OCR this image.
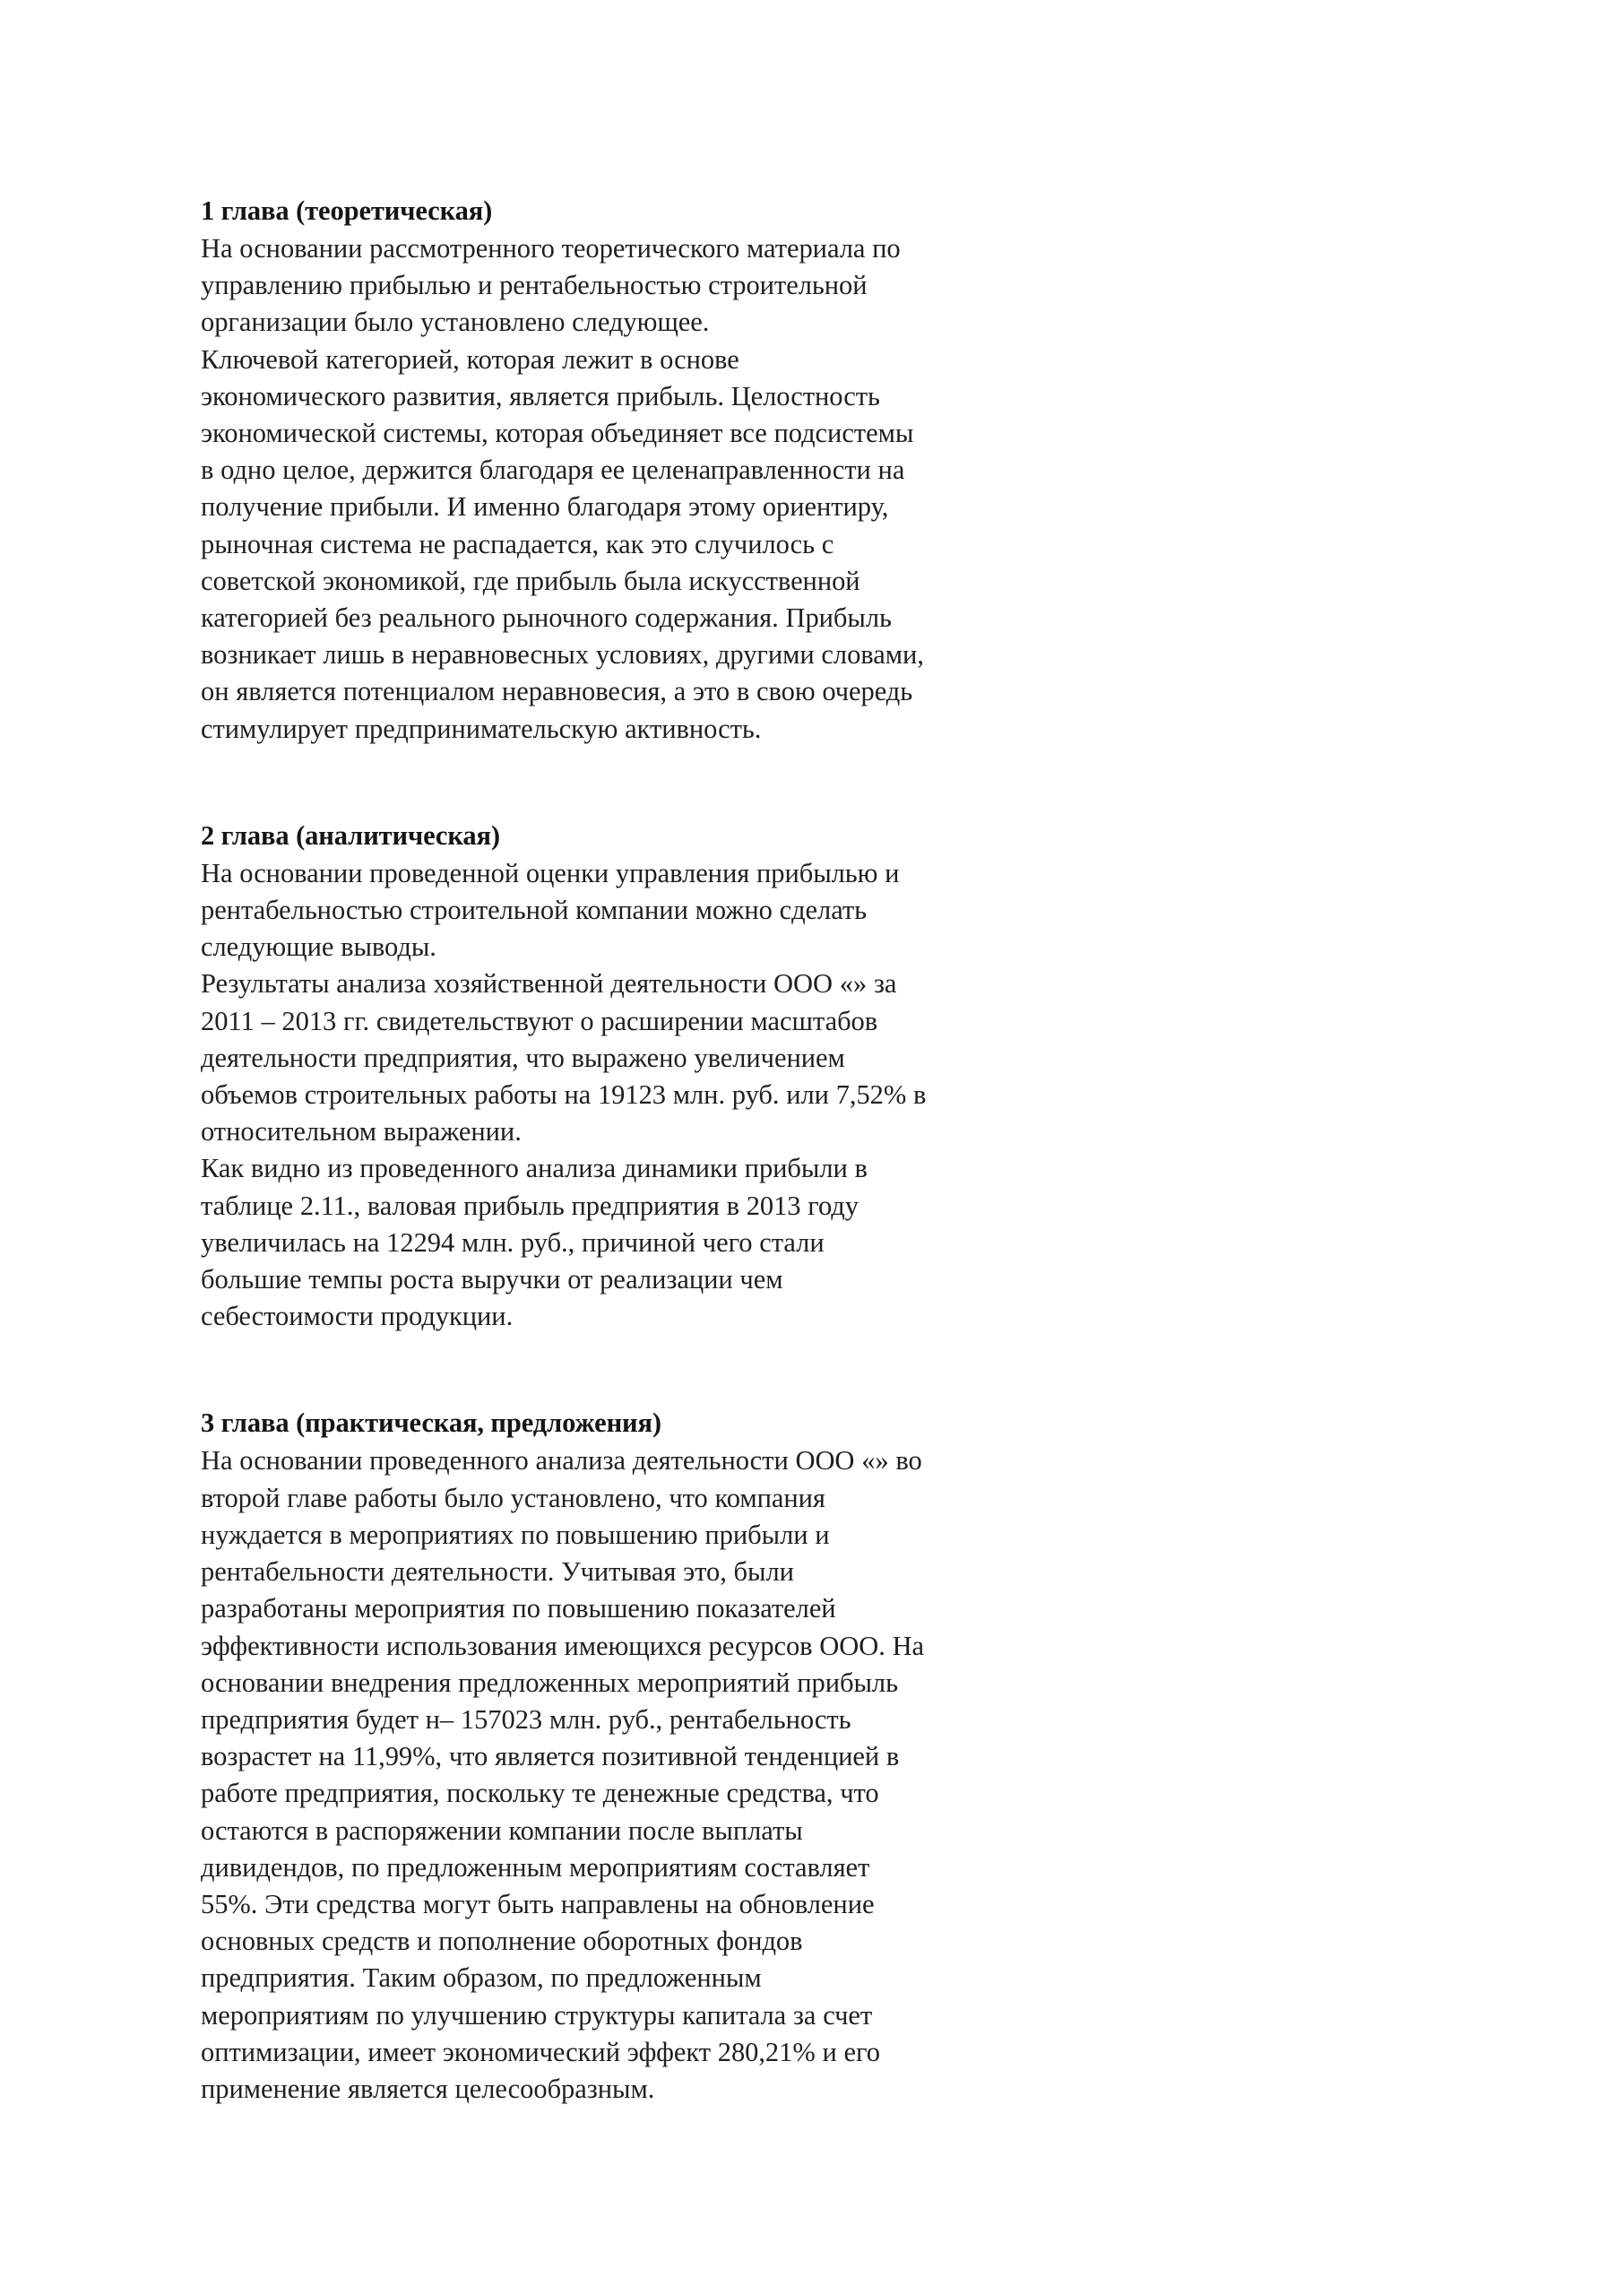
1 глава (теоретическая)

На основании рассмотренного теоретического материала по управлению прибылью и рентабельностью строительной организации было установлено следующее.

Ключевой категорией, которая лежит в основе экономического развития, является прибыль. Целостность экономической системы, которая объединяет все подсистемы в одно целое, держится благодаря ее целенаправленности на получение прибыли. И именно благодаря этому ориентиру, рыночная система не распадается, как это случилось с советской экономикой, где прибыль была искусственной категорией без реального рыночного содержания. Прибыль возникает лишь в неравновесных условиях, другими словами, он является потенциалом неравновесия, а это в свою очередь стимулирует предпринимательскую активность.

2 глава (аналитическая)

На основании проведенной оценки управления прибылью и рентабельностью строительной компании можно сделать следующие выводы.

Результаты анализа хозяйственной деятельности ООО «» за 2011 – 2013 гг. свидетельствуют о расширении масштабов деятельности предприятия, что выражено увеличением объемов строительных работы на 19123 млн. руб. или 7,52% в относительном выражении.

Как видно из проведенного анализа динамики прибыли в таблице 2.11., валовая прибыль предприятия в 2013 году увеличилась на 12294 млн. руб., причиной чего стали большие темпы роста выручки от реализации чем себестоимости продукции.

3 глава (практическая, предложения)

На основании проведенного анализа деятельности ООО «» во второй главе работы было установлено, что компания нуждается в мероприятиях по повышению прибыли и рентабельности деятельности. Учитывая это, были разработаны мероприятия по повышению показателей эффективности использования имеющихся ресурсов ООО. На основании внедрения предложенных мероприятий прибыль предприятия будет н– 157023 млн. руб., рентабельность возрастет на 11,99%, что является позитивной тенденцией в работе предприятия, поскольку те денежные средства, что остаются в распоряжении компании после выплаты дивидендов, по предложенным мероприятиям составляет 55%. Эти средства могут быть направлены на обновление основных средств и пополнение оборотных фондов предприятия. Таким образом, по предложенным мероприятиям по улучшению структуры капитала за счет оптимизации, имеет экономический эффект 280,21% и его применение является целесообразным.
